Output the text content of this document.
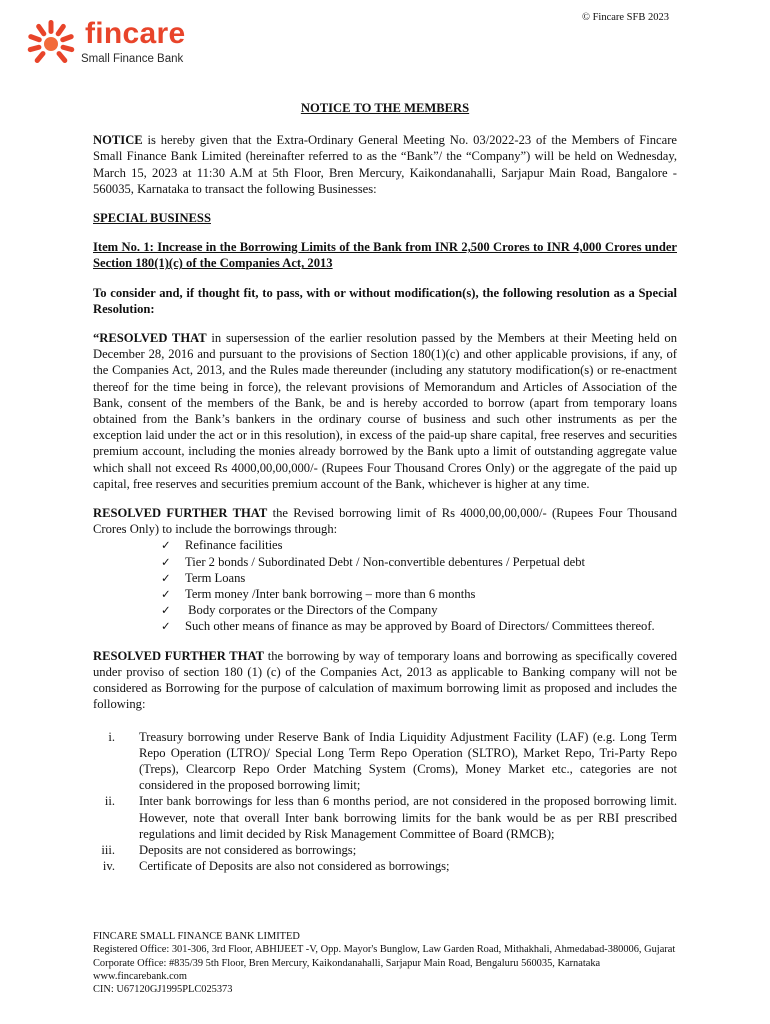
© Fincare SFB 2023
fincare
Small Finance Bank
NOTICE TO THE MEMBERS

NOTICE is hereby given that the Extra-Ordinary General Meeting No. 03/2022-23 of the Members of Fincare Small Finance Bank Limited (hereinafter referred to as the “Bank”/ the “Company”) will be held on Wednesday, March 15, 2023 at 11:30 A.M at 5th Floor, Bren Mercury, Kaikondanahalli, Sarjapur Main Road, Bangalore - 560035, Karnataka to transact the following Businesses:

SPECIAL BUSINESS

Item No. 1: Increase in the Borrowing Limits of the Bank from INR 2,500 Crores to INR 4,000 Crores under Section 180(1)(c) of the Companies Act, 2013

To consider and, if thought fit, to pass, with or without modification(s), the following resolution as a Special Resolution:

“RESOLVED THAT in supersession of the earlier resolution passed by the Members at their Meeting held on December 28, 2016 and pursuant to the provisions of Section 180(1)(c) and other applicable provisions, if any, of the Companies Act, 2013, and the Rules made thereunder (including any statutory modification(s) or re-enactment thereof for the time being in force), the relevant provisions of Memorandum and Articles of Association of the Bank, consent of the members of the Bank, be and is hereby accorded to borrow (apart from temporary loans obtained from the Bank’s bankers in the ordinary course of business and such other instruments as per the exception laid under the act or in this resolution), in excess of the paid-up share capital, free reserves and securities premium account, including the monies already borrowed by the Bank upto a limit of outstanding aggregate value which shall not exceed Rs 4000,00,00,000/- (Rupees Four Thousand Crores Only) or the aggregate of the paid up capital, free reserves and securities premium account of the Bank, whichever is higher at any time.

RESOLVED FURTHER THAT the Revised borrowing limit of Rs 4000,00,00,000/- (Rupees Four Thousand Crores Only) to include the borrowings through:

✓ Refinance facilities
✓ Tier 2 bonds / Subordinated Debt / Non-convertible debentures / Perpetual debt
✓ Term Loans
✓ Term money /Inter bank borrowing – more than 6 months
✓ Body corporates or the Directors of the Company
✓ Such other means of finance as may be approved by Board of Directors/ Committees thereof.

RESOLVED FURTHER THAT the borrowing by way of temporary loans and borrowing as specifically covered under proviso of section 180 (1) (c) of the Companies Act, 2013 as applicable to Banking company will not be considered as Borrowing for the purpose of calculation of maximum borrowing limit as proposed and includes the following:

i. Treasury borrowing under Reserve Bank of India Liquidity Adjustment Facility (LAF) (e.g. Long Term Repo Operation (LTRO)/ Special Long Term Repo Operation (SLTRO), Market Repo, Tri-Party Repo (Treps), Clearcorp Repo Order Matching System (Croms), Money Market etc., categories are not considered in the proposed borrowing limit;
ii. Inter bank borrowings for less than 6 months period, are not considered in the proposed borrowing limit. However, note that overall Inter bank borrowing limits for the bank would be as per RBI prescribed regulations and limit decided by Risk Management Committee of Board (RMCB);
iii. Deposits are not considered as borrowings;
iv. Certificate of Deposits are also not considered as borrowings;
FINCARE SMALL FINANCE BANK LIMITED
Registered Office: 301-306, 3rd Floor, ABHIJEET -V, Opp. Mayor's Bunglow, Law Garden Road, Mithakhali, Ahmedabad-380006, Gujarat
Corporate Office: #835/39 5th Floor, Bren Mercury, Kaikondanahalli, Sarjapur Main Road, Bengaluru 560035, Karnataka
www.fincarebank.com
CIN: U67120GJ1995PLC025373
